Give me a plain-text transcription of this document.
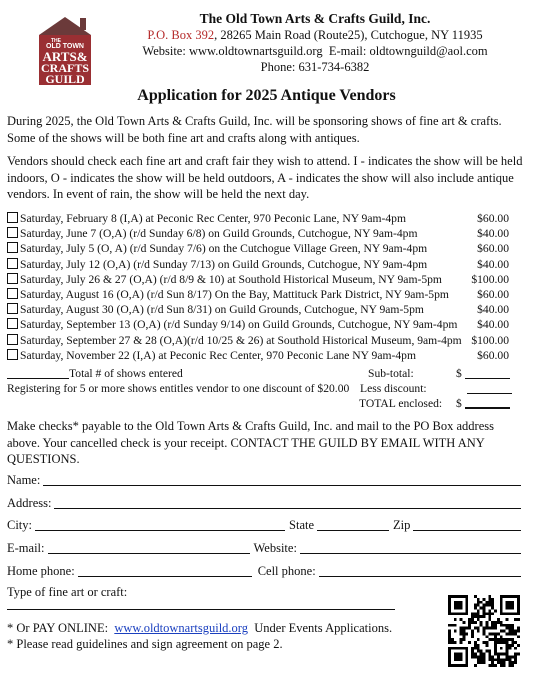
THE
OLD TOWN
ARTS&
CRAFTS
GUILD
The Old Town Arts & Crafts Guild, Inc.
P.O. Box 392, 28265 Main Road (Route25), Cutchogue, NY 11935
Website: www.oldtownartsguild.org E-mail: oldtownguild@aol.com
Phone: 631-734-6382
Application for 2025 Antique Vendors
During 2025, the Old Town Arts & Crafts Guild, Inc. will be sponsoring shows of fine art & crafts. Some of the shows will be both fine art and crafts along with antiques.
Vendors should check each fine art and craft fair they wish to attend. I - indicates the show will be held indoors, O - indicates the show will be held outdoors, A - indicates the show will also include antique vendors. In event of rain, the show will be held the next day.
Saturday, February 8 (I,A) at Peconic Rec Center, 970 Peconic Lane, NY 9am-4pm	$60.00
Saturday, June 7 (O,A) (r/d Sunday 6/8) on Guild Grounds, Cutchogue, NY 9am-4pm	$40.00
Saturday, July 5 (O, A) (r/d Sunday 7/6) on the Cutchogue Village Green, NY 9am-4pm	$60.00
Saturday, July 12 (O,A) (r/d Sunday 7/13) on Guild Grounds, Cutchogue, NY 9am-4pm	$40.00
Saturday, July 26 & 27 (O,A) (r/d 8/9 & 10) at Southold Historical Museum, NY 9am-5pm	$100.00
Saturday, August 16 (O,A) (r/d Sun 8/17) On the Bay, Mattituck Park District, NY 9am-5pm $60.00
Saturday, August 30 (O,A) (r/d Sun 8/31) on Guild Grounds, Cutchogue, NY 9am-5pm	$40.00
Saturday, September 13 (O,A) (r/d Sunday 9/14) on Guild Grounds, Cutchogue, NY 9am-4pm $40.00
Saturday, September 27 & 28 (O,A)(r/d 10/25 & 26) at Southold Historical Museum, 9am-4pm $100.00
Saturday, November 22 (I,A) at Peconic Rec Center, 970 Peconic Lane NY 9am-4pm	$60.00
Total # of shows entered	Sub-total:	$
Registering for 5 or more shows entitles vendor to one discount of $20.00 Less discount:
TOTAL enclosed: $
Make checks* payable to the Old Town Arts & Crafts Guild, Inc. and mail to the PO Box address above. Your cancelled check is your receipt. CONTACT THE GUILD BY EMAIL WITH ANY QUESTIONS.
Name:
Address:
City:	State	Zip
E-mail:	Website:
Home phone:	Cell phone:
Type of fine art or craft:
* Or PAY ONLINE: www.oldtownartsguild.org Under Events Applications.
* Please read guidelines and sign agreement on page 2.
